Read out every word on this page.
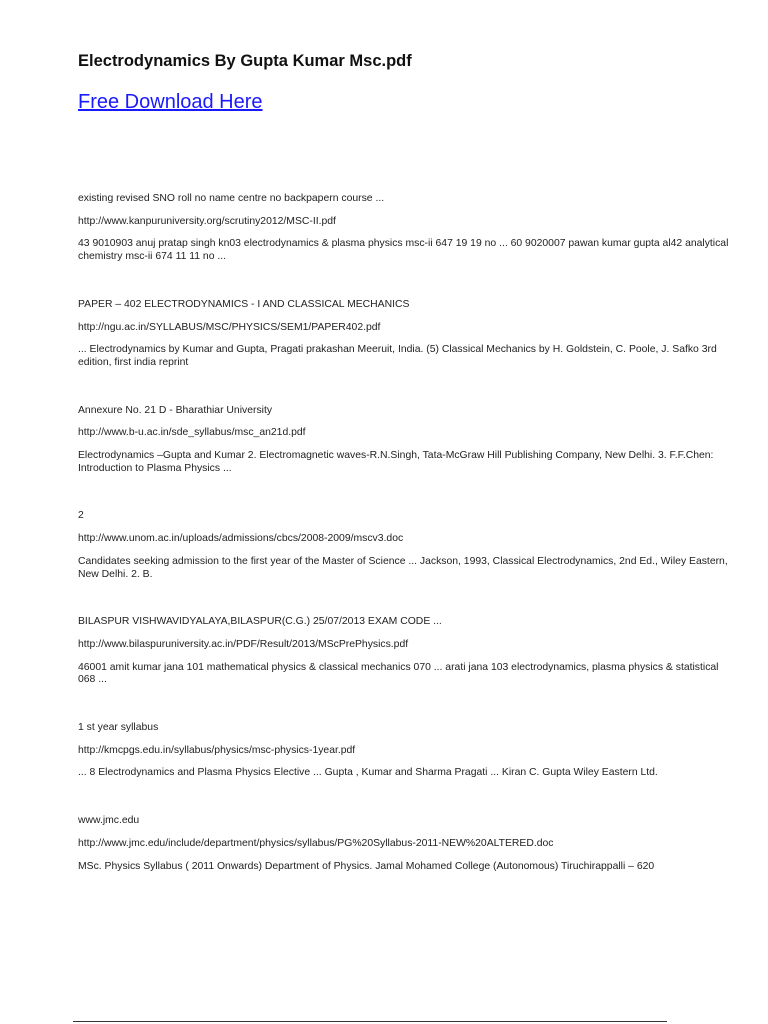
Electrodynamics By Gupta Kumar Msc.pdf
Free Download Here

existing revised SNO roll no name centre no backpapern course ...

http://www.kanpuruniversity.org/scrutiny2012/MSC-II.pdf

43 9010903 anuj pratap singh kn03 electrodynamics & plasma physics msc-ii 647 19 19 no ... 60 9020007 pawan kumar gupta al42 analytical chemistry msc-ii 674 11 11 no ...

PAPER – 402 ELECTRODYNAMICS - I AND CLASSICAL MECHANICS

http://ngu.ac.in/SYLLABUS/MSC/PHYSICS/SEM1/PAPER402.pdf

... Electrodynamics by Kumar and Gupta, Pragati prakashan Meeruit, India. (5) Classical Mechanics by H. Goldstein, C. Poole, J. Safko 3rd edition, first india reprint

Annexure No. 21 D - Bharathiar University

http://www.b-u.ac.in/sde_syllabus/msc_an21d.pdf

Electrodynamics –Gupta and Kumar 2. Electromagnetic waves-R.N.Singh, Tata-McGraw Hill Publishing Company, New Delhi. 3. F.F.Chen: Introduction to Plasma Physics ...

2

http://www.unom.ac.in/uploads/admissions/cbcs/2008-2009/mscv3.doc

Candidates seeking admission to the first year of the Master of Science ... Jackson, 1993, Classical Electrodynamics, 2nd Ed., Wiley Eastern, New Delhi. 2. B.

BILASPUR VISHWAVIDYALAYA,BILASPUR(C.G.) 25/07/2013 EXAM CODE ...

http://www.bilaspuruniversity.ac.in/PDF/Result/2013/MScPrePhysics.pdf

46001 amit kumar jana 101 mathematical physics & classical mechanics 070 ... arati jana 103 electrodynamics, plasma physics & statistical 068 ...

1 st year syllabus

http://kmcpgs.edu.in/syllabus/physics/msc-physics-1year.pdf

... 8 Electrodynamics and Plasma Physics Elective ... Gupta , Kumar and Sharma Pragati ... Kiran C. Gupta Wiley Eastern Ltd.

www.jmc.edu

http://www.jmc.edu/include/department/physics/syllabus/PG%20Syllabus-2011-NEW%20ALTERED.doc

MSc. Physics Syllabus ( 2011 Onwards) Department of Physics. Jamal Mohamed College (Autonomous) Tiruchirappalli – 620
